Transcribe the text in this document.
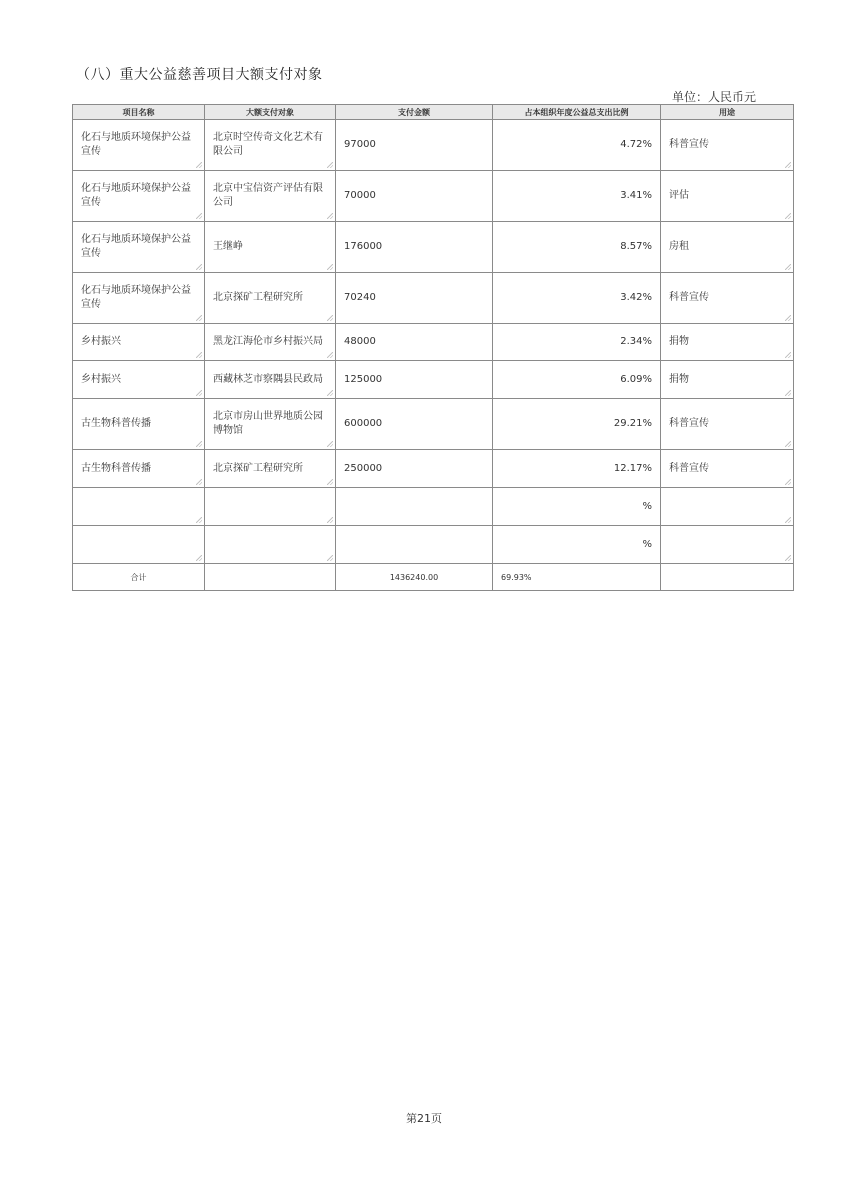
（八）重大公益慈善项目大额支付对象
单位：人民币元
项目名称	大额支付对象	支付金额	占本组织年度公益总支出比例	用途

化石与地质环境保护公益宣传	北京时空传奇文化艺术有限公司	97000	4.72%	科普宣传

化石与地质环境保护公益宣传	北京中宝信资产评估有限公司	70000	3.41%	评估

化石与地质环境保护公益宣传	王继峥	176000	8.57%	房租

化石与地质环境保护公益宣传	北京探矿工程研究所	70240	3.42%	科普宣传

乡村振兴	黑龙江海伦市乡村振兴局	48000	2.34%	捐物

乡村振兴	西藏林芝市察隅县民政局	125000	6.09%	捐物

古生物科普传播	北京市房山世界地质公园博物馆	600000	29.21%	科普宣传

古生物科普传播	北京探矿工程研究所	250000	12.17%	科普宣传

			%	

			%	

合计		1436240.00	69.93%	
第21页
